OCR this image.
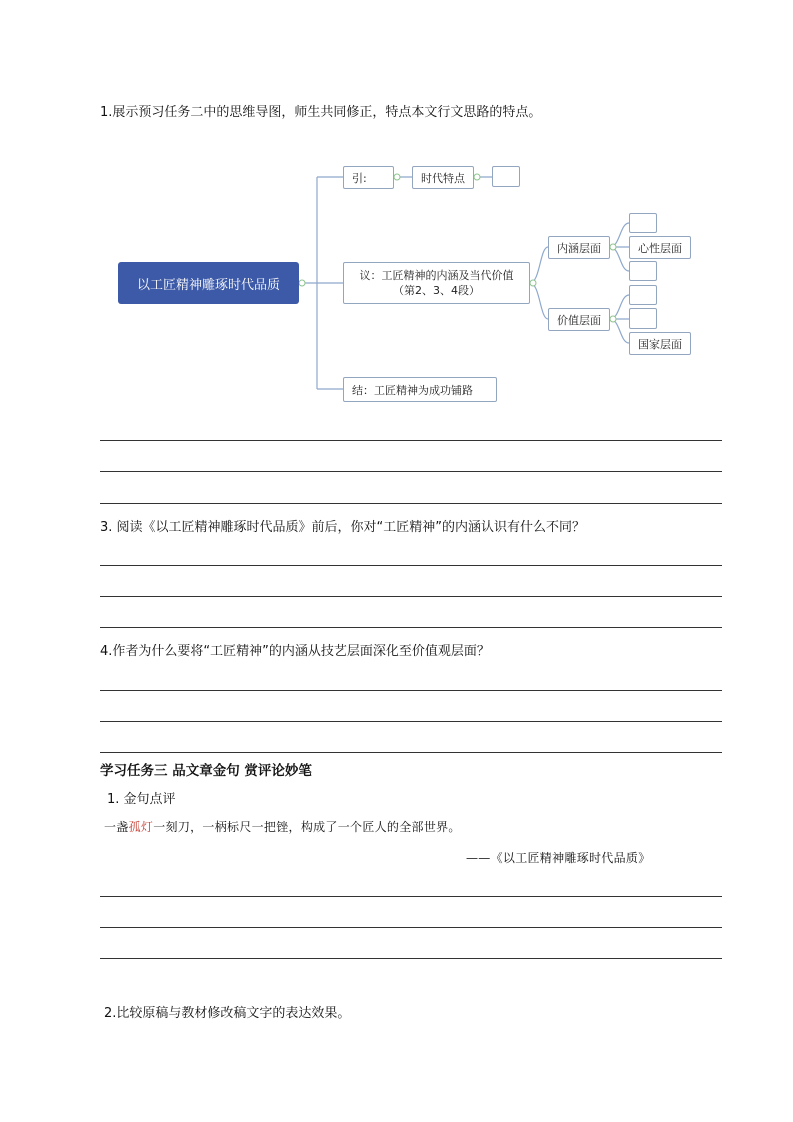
1.展示预习任务二中的思维导图，师生共同修正，特点本文行文思路的特点。
以工匠精神雕琢时代品质
引:	时代特点
议：工匠精神的内涵及当代价值
（第2、3、4段）
内涵层面
价值层面
心性层面
国家层面
结：工匠精神为成功铺路
3. 阅读《以工匠精神雕琢时代品质》前后，你对“工匠精神”的内涵认识有什么不同？
4.作者为什么要将“工匠精神”的内涵从技艺层面深化至价值观层面？
学习任务三 品文章金句 赏评论妙笔
1. 金句点评
一盏孤灯一刻刀，一柄标尺一把锉，构成了一个匠人的全部世界。
——《以工匠精神雕琢时代品质》
2.比较原稿与教材修改稿文字的表达效果。
